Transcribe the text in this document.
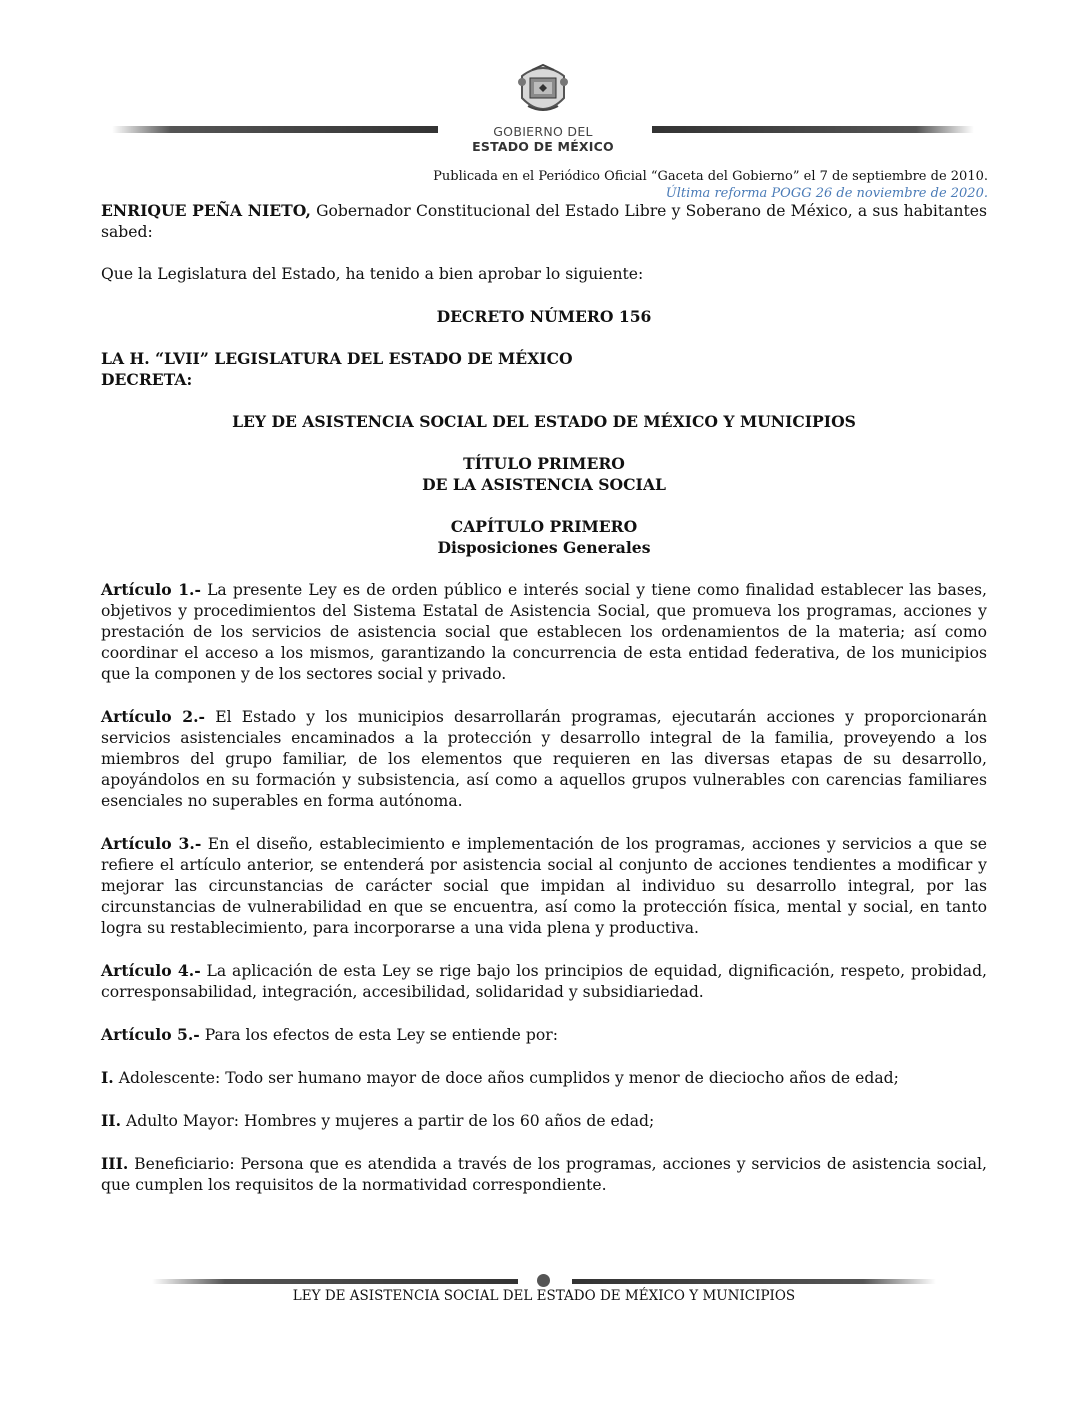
GOBIERNO DEL
ESTADO DE MÉXICO
Publicada en el Periódico Oficial “Gaceta del Gobierno” el 7 de septiembre de 2010.
Última reforma POGG 26 de noviembre de 2020.

ENRIQUE PEÑA NIETO, Gobernador Constitucional del Estado Libre y Soberano de México, a sus habitantes sabed:

Que la Legislatura del Estado, ha tenido a bien aprobar lo siguiente:

DECRETO NÚMERO 156

LA H. “LVII” LEGISLATURA DEL ESTADO DE MÉXICO

DECRETA:

LEY DE ASISTENCIA SOCIAL DEL ESTADO DE MÉXICO Y MUNICIPIOS

TÍTULO PRIMERO

DE LA ASISTENCIA SOCIAL

CAPÍTULO PRIMERO

Disposiciones Generales

Artículo 1.- La presente Ley es de orden público e interés social y tiene como finalidad establecer las bases, objetivos y procedimientos del Sistema Estatal de Asistencia Social, que promueva los programas, acciones y prestación de los servicios de asistencia social que establecen los ordenamientos de la materia; así como coordinar el acceso a los mismos, garantizando la concurrencia de esta entidad federativa, de los municipios que la componen y de los sectores social y privado.

Artículo 2.- El Estado y los municipios desarrollarán programas, ejecutarán acciones y proporcionarán servicios asistenciales encaminados a la protección y desarrollo integral de la familia, proveyendo a los miembros del grupo familiar, de los elementos que requieren en las diversas etapas de su desarrollo, apoyándolos en su formación y subsistencia, así como a aquellos grupos vulnerables con carencias familiares esenciales no superables en forma autónoma.

Artículo 3.- En el diseño, establecimiento e implementación de los programas, acciones y servicios a que se refiere el artículo anterior, se entenderá por asistencia social al conjunto de acciones tendientes a modificar y mejorar las circunstancias de carácter social que impidan al individuo su desarrollo integral, por las circunstancias de vulnerabilidad en que se encuentra, así como la protección física, mental y social, en tanto logra su restablecimiento, para incorporarse a una vida plena y productiva.

Artículo 4.- La aplicación de esta Ley se rige bajo los principios de equidad, dignificación, respeto, probidad, corresponsabilidad, integración, accesibilidad, solidaridad y subsidiariedad.

Artículo 5.- Para los efectos de esta Ley se entiende por:

I. Adolescente: Todo ser humano mayor de doce años cumplidos y menor de dieciocho años de edad;

II. Adulto Mayor: Hombres y mujeres a partir de los 60 años de edad;

III. Beneficiario: Persona que es atendida a través de los programas, acciones y servicios de asistencia social, que cumplen los requisitos de la normatividad correspondiente.

LEY DE ASISTENCIA SOCIAL DEL ESTADO DE MÉXICO Y MUNICIPIOS
